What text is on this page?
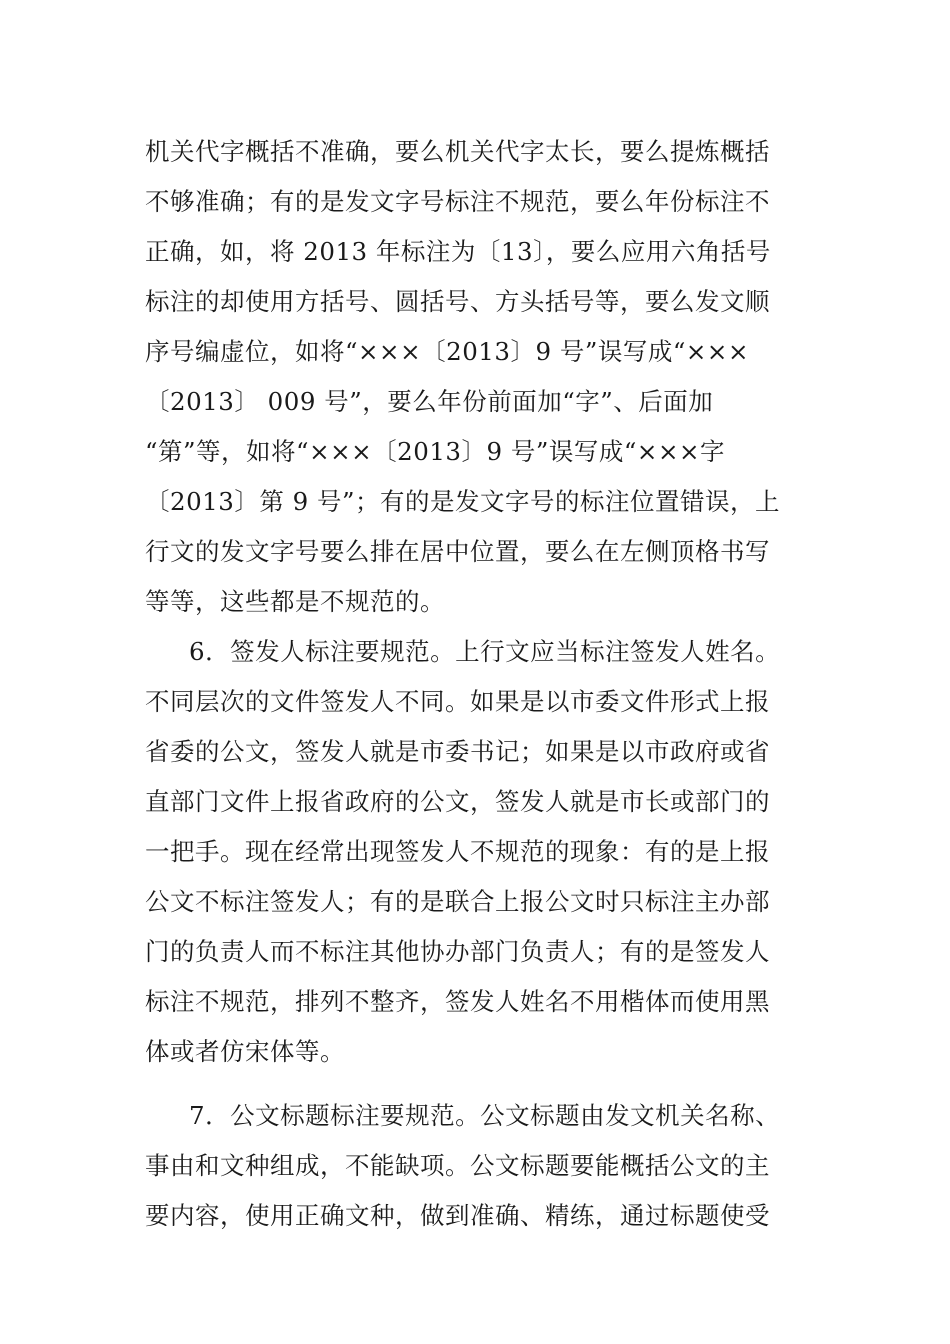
机关代字概括不准确，要么机关代字太长，要么提炼概括
不够准确；有的是发文字号标注不规范，要么年份标注不
正确，如，将 2013 年标注为〔13〕，要么应用六角括号
标注的却使用方括号、圆括号、方头括号等，要么发文顺
序号编虚位，如将“×××〔2013〕9 号”误写成“×××
〔2013〕 009 号”，要么年份前面加“字”、后面加
“第”等，如将“×××〔2013〕9 号”误写成“×××字
〔2013〕第 9 号”；有的是发文字号的标注位置错误，上
行文的发文字号要么排在居中位置，要么在左侧顶格书写
等等，这些都是不规范的。
6．签发人标注要规范。上行文应当标注签发人姓名。
不同层次的文件签发人不同。如果是以市委文件形式上报
省委的公文，签发人就是市委书记；如果是以市政府或省
直部门文件上报省政府的公文，签发人就是市长或部门的
一把手。现在经常出现签发人不规范的现象：有的是上报
公文不标注签发人；有的是联合上报公文时只标注主办部
门的负责人而不标注其他协办部门负责人；有的是签发人
标注不规范，排列不整齐，签发人姓名不用楷体而使用黑
体或者仿宋体等。
7．公文标题标注要规范。公文标题由发文机关名称、
事由和文种组成，不能缺项。公文标题要能概括公文的主
要内容，使用正确文种，做到准确、精练，通过标题使受
